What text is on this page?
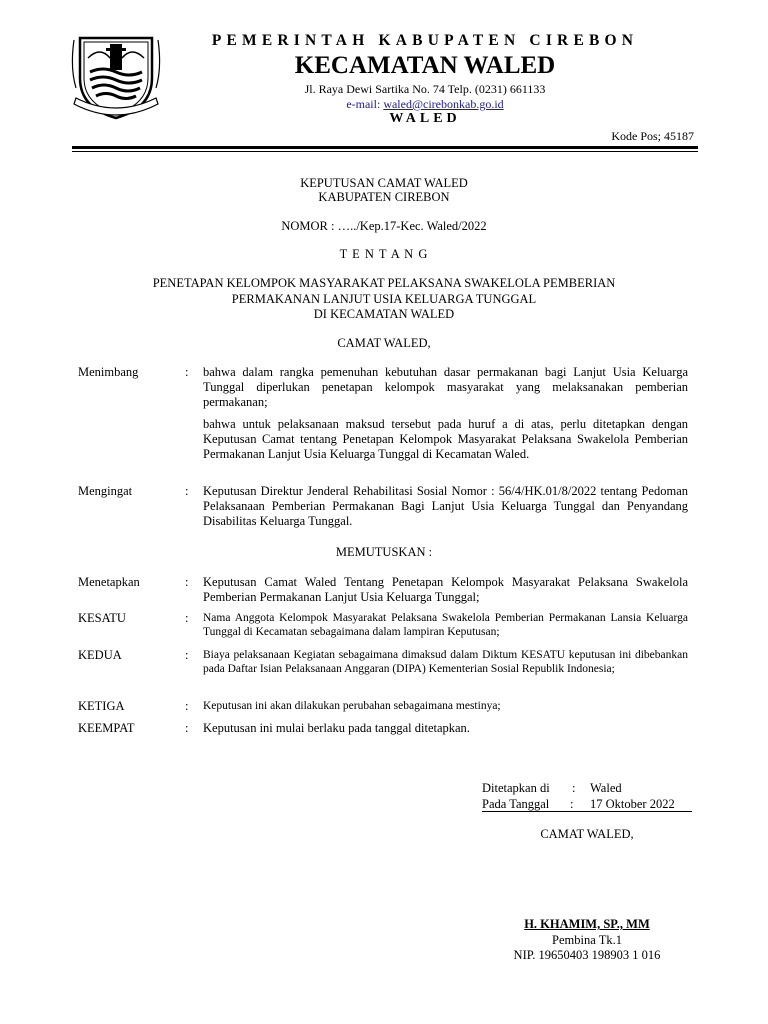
PEMERINTAH KABUPATEN CIREBON
KECAMATAN WALED
Jl. Raya Dewi Sartika No. 74 Telp. (0231) 661133
e-mail: waled@cirebonkab.go.id
WALED
Kode Pos; 45187
KEPUTUSAN CAMAT WALED
KABUPATEN CIREBON
NOMOR : …../Kep.17-Kec. Waled/2022
T E N T A N G
PENETAPAN KELOMPOK MASYARAKAT PELAKSANA SWAKELOLA PEMBERIAN
PERMAKANAN LANJUT USIA KELUARGA TUNGGAL
DI KECAMATAN WALED
CAMAT WALED,
Menimbang	:	bahwa dalam rangka pemenuhan kebutuhan dasar permakanan bagi Lanjut Usia Keluarga Tunggal diperlukan penetapan kelompok masyarakat yang melaksanakan pemberian permakanan;
bahwa untuk pelaksanaan maksud tersebut pada huruf a di atas, perlu ditetapkan dengan Keputusan Camat tentang Penetapan Kelompok Masyarakat Pelaksana Swakelola Pemberian Permakanan Lanjut Usia Keluarga Tunggal di Kecamatan Waled.
Mengingat	:	Keputusan Direktur Jenderal Rehabilitasi Sosial Nomor : 56/4/HK.01/8/2022 tentang Pedoman Pelaksanaan Pemberian Permakanan Bagi Lanjut Usia Keluarga Tunggal dan Penyandang Disabilitas Keluarga Tunggal.
MEMUTUSKAN :
Menetapkan	:	Keputusan Camat Waled Tentang Penetapan Kelompok Masyarakat Pelaksana Swakelola Pemberian Permakanan Lanjut Usia Keluarga Tunggal;
KESATU	:	Nama Anggota Kelompok Masyarakat Pelaksana Swakelola Pemberian Permakanan Lansia Keluarga Tunggal di Kecamatan sebagaimana dalam lampiran Keputusan;
KEDUA	:	Biaya pelaksanaan Kegiatan sebagaimana dimaksud dalam Diktum KESATU keputusan ini dibebankan pada Daftar Isian Pelaksanaan Anggaran (DIPA) Kementerian Sosial Republik Indonesia;
KETIGA	:	Keputusan ini akan dilakukan perubahan sebagaimana mestinya;
KEEMPAT	:	Keputusan ini mulai berlaku pada tanggal ditetapkan.
Ditetapkan di : Waled
Pada Tanggal : 17 Oktober 2022
CAMAT WALED,
H. KHAMIM, SP., MM
Pembina Tk.1
NIP. 19650403 198903 1 016
